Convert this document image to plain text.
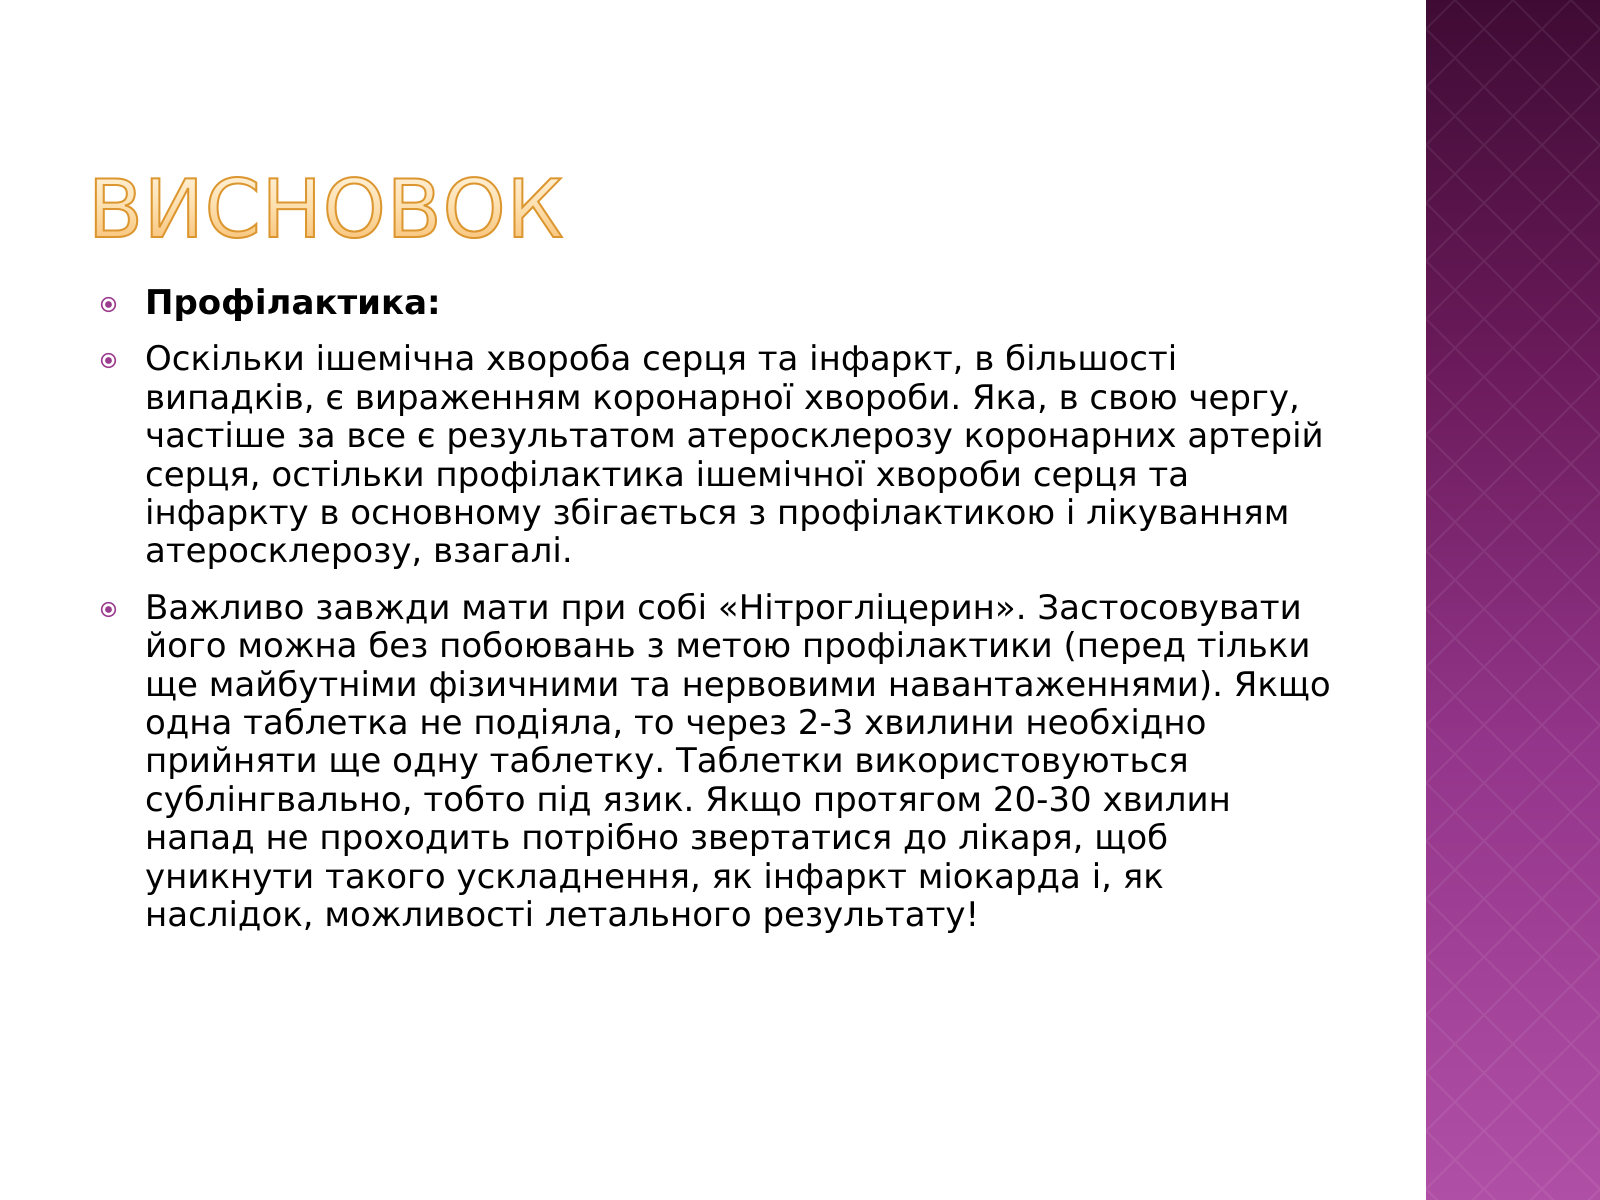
ВИСНОВОК
Профілактика:
Оскільки ішемічна хвороба серця та інфаркт, в більшості випадків, є вираженням коронарної хвороби. Яка, в свою чергу, частіше за все є результатом атеросклерозу коронарних артерій серця, остільки профілактика ішемічної хвороби серця та інфаркту в основному збігається з профілактикою і лікуванням атеросклерозу, взагалі.
Важливо завжди мати при собі «Нітрогліцерин». Застосовувати його можна без побоювань з метою профілактики (перед тільки ще майбутніми фізичними та нервовими навантаженнями). Якщо одна таблетка не подіяла, то через 2-3 хвилини необхідно прийняти ще одну таблетку. Таблетки використовуються сублінгвально, тобто під язик. Якщо протягом 20-30 хвилин напад не проходить потрібно звертатися до лікаря, щоб уникнути такого ускладнення, як інфаркт міокарда і, як наслідок, можливості летального результату!
